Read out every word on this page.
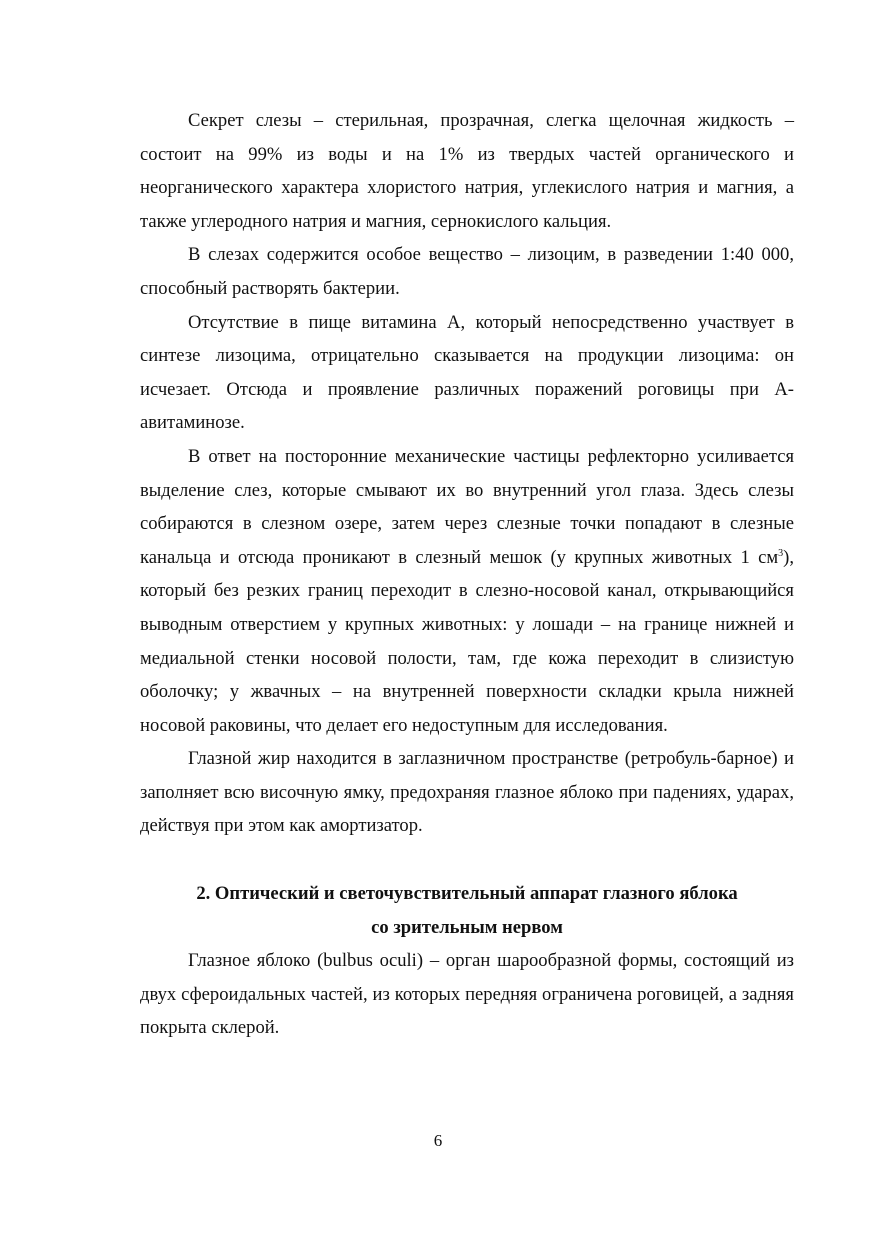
Секрет слезы – стерильная, прозрачная, слегка щелочная жидкость – состоит на 99% из воды и на 1% из твердых частей органического и неорганического характера хлористого натрия, углекислого натрия и магния, а также углеродного натрия и магния, сернокислого кальция.

В слезах содержится особое вещество – лизоцим, в разведении 1:40 000, способный растворять бактерии.

Отсутствие в пище витамина А, который непосредственно участвует в синтезе лизоцима, отрицательно сказывается на продукции лизоцима: он исчезает. Отсюда и проявление различных поражений роговицы при А-авитаминозе.

В ответ на посторонние механические частицы рефлекторно усиливается выделение слез, которые смывают их во внутренний угол глаза. Здесь слезы собираются в слезном озере, затем через слезные точки попадают в слезные канальца и отсюда проникают в слезный мешок (у крупных животных 1 $см^3$), который без резких границ переходит в слезно-носовой канал, открывающийся выводным отверстием у крупных животных: у лошади – на границе нижней и медиальной стенки носовой полости, там, где кожа переходит в слизистую оболочку; у жвачных – на внутренней поверхности складки крыла нижней носовой раковины, что делает его недоступным для исследования.

Глазной жир находится в заглазничном пространстве (ретробуль-барное) и заполняет всю височную ямку, предохраняя глазное яблоко при падениях, ударах, действуя при этом как амортизатор.

2. Оптический и светочувствительный аппарат глазного яблока
со зрительным нервом

Глазное яблоко (bulbus oculi) – орган шарообразной формы, состоящий из двух сфероидальных частей, из которых передняя ограничена роговицей, а задняя покрыта склерой.

6
